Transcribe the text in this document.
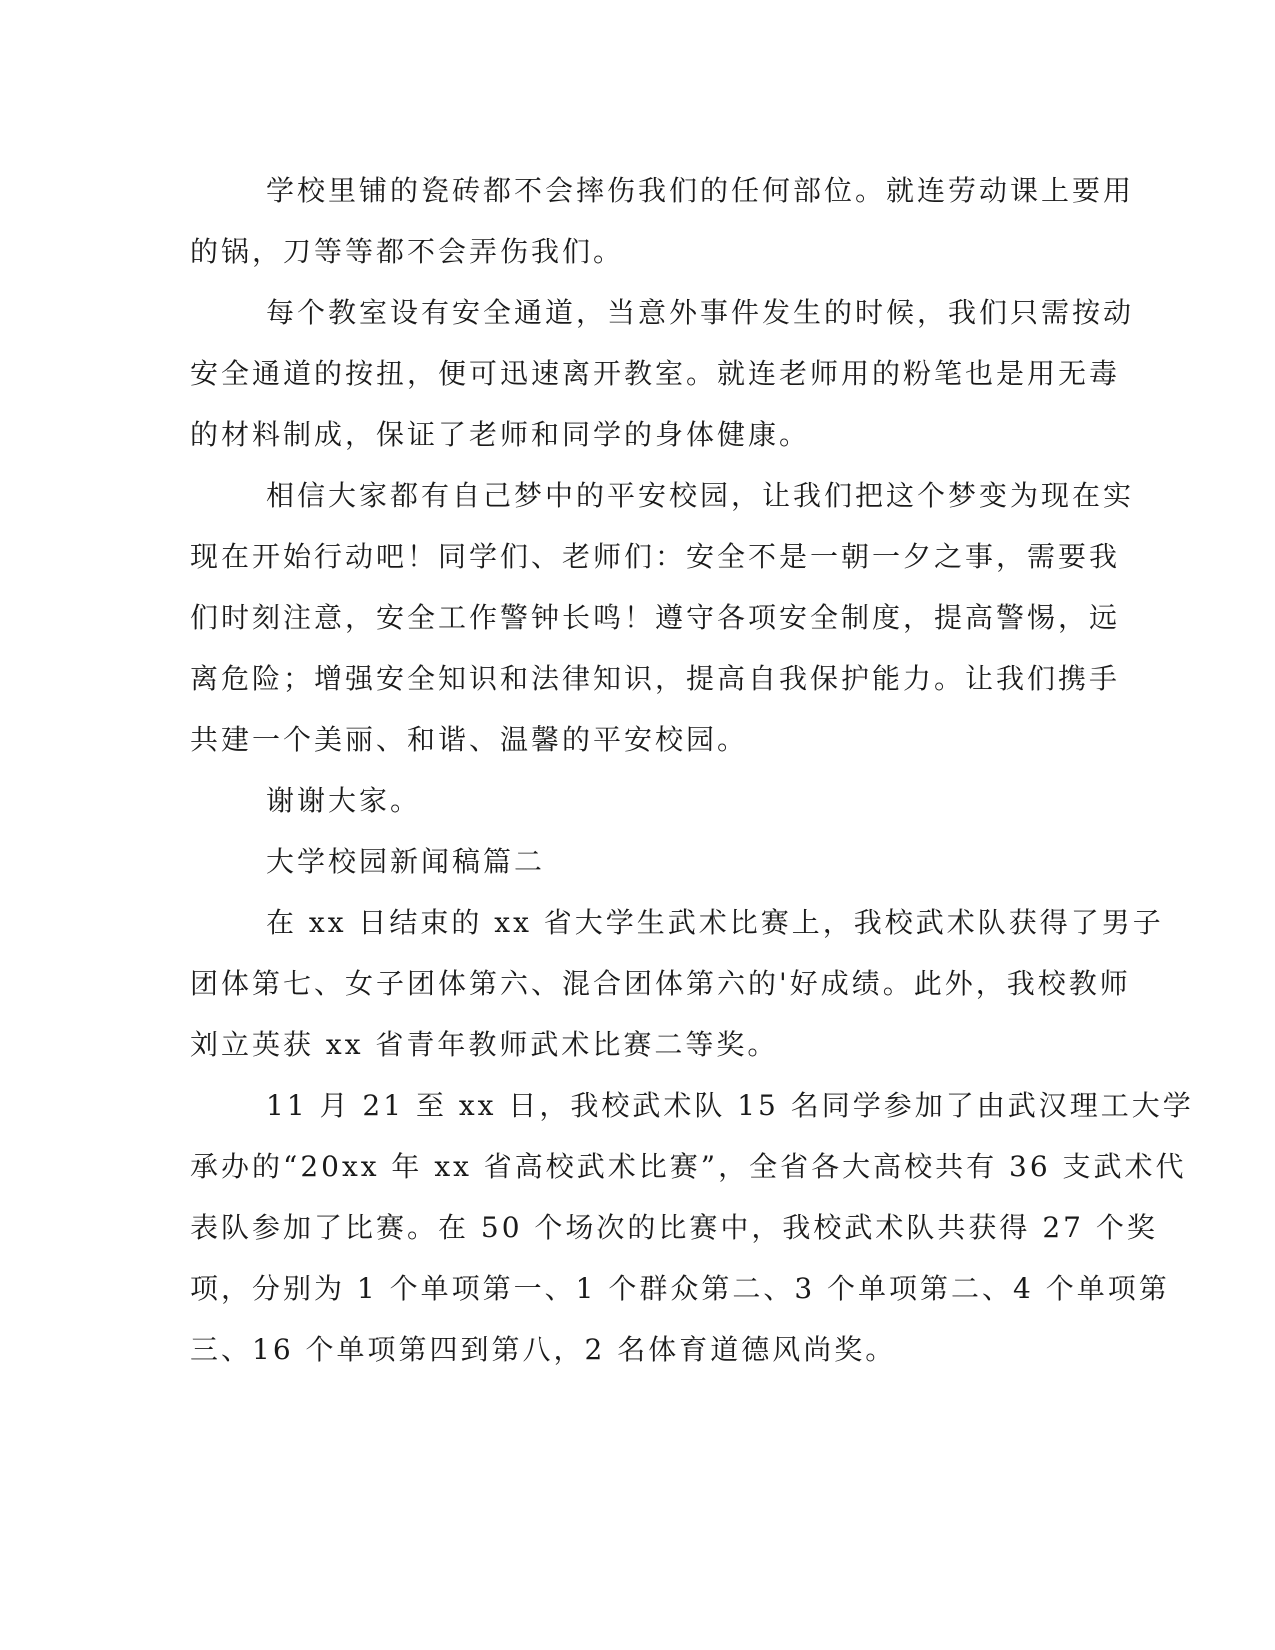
学校里铺的瓷砖都不会摔伤我们的任何部位。就连劳动课上要用
的锅，刀等等都不会弄伤我们。
每个教室设有安全通道，当意外事件发生的时候，我们只需按动
安全通道的按扭，便可迅速离开教室。就连老师用的粉笔也是用无毒
的材料制成，保证了老师和同学的身体健康。
相信大家都有自己梦中的平安校园，让我们把这个梦变为现在实
现在开始行动吧！同学们、老师们：安全不是一朝一夕之事，需要我
们时刻注意，安全工作警钟长鸣！遵守各项安全制度，提高警惕，远
离危险；增强安全知识和法律知识，提高自我保护能力。让我们携手
共建一个美丽、和谐、温馨的平安校园。
谢谢大家。
大学校园新闻稿篇二
在 xx 日结束的 xx 省大学生武术比赛上，我校武术队获得了男子
团体第七、女子团体第六、混合团体第六的'好成绩。此外，我校教师
刘立英获 xx 省青年教师武术比赛二等奖。
11 月 21 至 xx 日，我校武术队 15 名同学参加了由武汉理工大学
承办的“20xx 年 xx 省高校武术比赛”，全省各大高校共有 36 支武术代
表队参加了比赛。在 50 个场次的比赛中，我校武术队共获得 27 个奖
项，分别为 1 个单项第一、1 个群众第二、3 个单项第二、4 个单项第
三、16 个单项第四到第八，2 名体育道德风尚奖。
